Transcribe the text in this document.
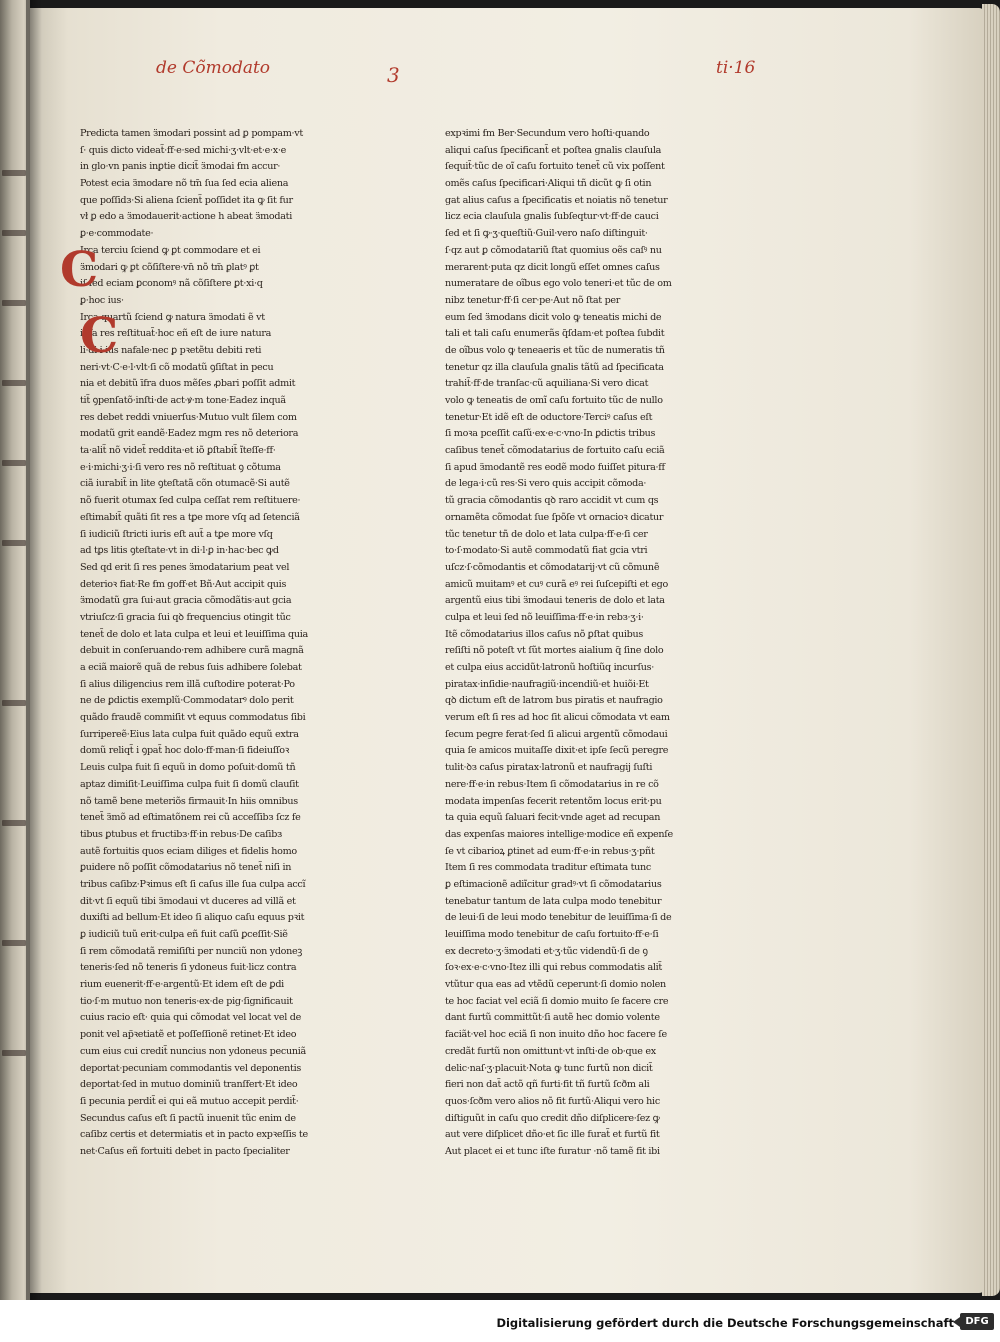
de Cõmodato	3	ti·16
Predicta tamen ӟmodari possint ad ꝑ pompam·vt
ſ· quis dicto videat̃·ff·e·sed michi·ӡ·vlt·et·e·x·e
in glo·vn panis inꝑtie dicit̃ ӟmodai ẜm accur·
Potest ecia ӟmodare nõ tm̃ ſua ſed ecia aliena
que poſſidз·Si aliena ſcient̃ poſſidet ita ꝙ ſit fur
vł ꝑ edo a ӟmodauerit·actione h abeat ӟmodati
ꝑ·e·commodate·
Irca terciu ſciend ꝙ ꝑt commodare et ei
ӟmodari ꝙ ꝑt cõſiſtere·vn̄ nõ tm̃ ꝑlatꝰ ꝑt
iſ ſed eciam ꝑconomꝰ nã cõſiſtere ꝑt·xi·q
ꝑ·hoc ius·
Irca quartũ ſciend ꝙ natura ӟmodati ẽ vt
ipſa res reſtituat̃·hoc eñ eſt de iure natura
li·di·i·ius nafale·nec ꝑ pꝛetẽtu debiti reti
neri·vt·C·e·l·vlt·ſi cõ modatũ ꝯſiſtat in pecu
nia et debitũ īfra duos mẽſes ꝓbari poſſit admit
tit̃ ꝯpenſatõ·inſti·de act·ꝟ·m tone·Eadez inquã
res debet reddi vniuerſus·Mutuo vult ſilem com
modatũ grit eandẽ·Eadez mgm res nõ deteriora
ta·alit̃ nõ videt̃ reddita·et iõ ꝑſtabit̃ ĩteſſe·ff·
e·i·michi·ӡ·i·ſi vero res nõ reſtituat ꝯ cõtuma
ciã iurabit̃ in lite ꝯteſtatã cõn otumacẽ·Si autẽ
nõ fuerit otumax ſed culpa ceſſat rem reſtituere·
eſtimabit̃ quãti ſit res a tꝑe more vſq ad ſetenciã
ſi iudiciũ ſtricti iuris eſt aut̃ a tꝑe more vſq
ad tꝑs litis ꝯteſtate·vt in di·l·ꝑ in·hac·bec ꝙd
Sed qd erit ſi res penes ӟmodatarium peat vel
deterioꝛ fiat·Re ẜm goff·et Bñ·Aut accipit quis
ӟmodatũ gra ſui·aut gracia cõmodãtis·aut gcia
vtriuſcz·ſi gracia ſui qꝺ frequencius otingit tũc
tenet̃ de dolo et lata culpa et leui et leuiſſima quia
debuit in conſeruando·rem adhibere curã magnã
a eciã maiorẽ quã de rebus ſuis adhibere ſolebat
ſi alius diligencius rem illã cuſtodire poterat·Po
ne de ꝑdictis exemplũ·Commodatarꝰ dolo perit
quãdo fraudẽ commiſit vt equus commodatus ſibi
ſurripereẽ·Eius lata culpa fuit quãdo equũ extra
domũ reliqt̃ i ꝯpat̃ hoc dolo·ff·man·ſi fideiuſſoꝛ
Leuis culpa fuit ſi equũ in domo poſuit·domũ tñ
aptaz dimiſit·Leuiſſima culpa fuit ſi domũ clauſit
nõ tamẽ bene meteriõs firmauit·In hiis omnibus
tenet̃ ӟmõ ad eſtimatõnem rei cũ acceſſibз ſcz fe
tibus ꝑtubus et fructibз·ff·in rebus·De caſibз
autẽ fortuitis quos eciam diliges et fidelis homo
ꝑuidere nõ poſſit cõmodatarius nõ tenet̃ niſi in
tribus caſibz·Pꝛimus eſt ſi caſus ille ſua culpa accĩ
dit·vt ſi equũ tibi ӟmodaui vt duceres ad villã et
duxiſti ad bellum·Et ideo ſi aliquo caſu equus pꝛit
ꝑ iudiciũ tuũ erit·culpa eñ fuit caſũ ꝑceſſit·Siẽ
ſi rem cõmodatã remiſiſti per nunciũ non ydoneꝫ
teneris·ſed nõ teneris ſi ydoneus fuit·licz contra
rium euenerit·ff·e·argentũ·Et idem eſt de ꝑdi
tio·ſ·m mutuo non teneris·ex·de pig·ſignificauit
cuius racio eſt· quia qui cõmodat vel locat vel de
ponit vel ap̃ꝛetiatẽ et poſſeſſionẽ retinet·Et ideo
cum eius cui credit̃ nuncius non ydoneus pecuniã
deportat·pecuniam commodantis vel deponentis
deportat·ſed in mutuo dominiũ tranſfert·Et ideo
ſi pecunia perdit̃ ei qui eã mutuo accepit perdit̃·
Secundus caſus eſt ſi pactũ inuenit tũc enim de
caſibz certis et determiatis et in pacto expꝛeſſis te
net·Caſus eñ fortuiti debet in pacto ſpecialiter
expꝛimi ẜm Ber·Secundum vero hoſti·quando
aliqui caſus ſpecificant̃ et poſtea gnalis clauſula
ſequit̃·tũc de oĩ caſu fortuito tenet̃ cũ vix poſſent
omẽs caſus ſpecificari·Aliqui tñ dicũt ꝙ ſi otin
gat alius caſus a ſpecificatis et noiatis nõ tenetur
licz ecia clauſula gnalis ſubſeqtur·vt·ff·de cauci
ſed et ſi ꝙ·ӡ·queſtiũ·Guil·vero naſo diſtinguit·
ſ·qz aut ꝑ cõmodatariũ ſtat quomius oẽs caſꝰ nu
merarent·puta qz dicit longũ eſſet omnes caſus
numeratare de oĩbus ego volo teneri·et tũc de om
nibz tenetur·ff·ſi cer·pe·Aut nõ ſtat per
eum ſed ӟmodans dicit volo ꝙ teneatis michi de
tali et tali caſu enumerãs q̃ſdam·et poſtea ſubdit
de oĩbus volo ꝙ teneaeris et tũc de numeratis tñ
tenetur qz illa clauſula gnalis tãtũ ad ſpecificata
trahit̃·ff·de tranſac·cũ aquiliana·Si vero dicat
volo ꝙ teneatis de omĩ caſu fortuito tũc de nullo
tenetur·Et idẽ eſt de oductore·Terciꝰ caſus eſt
ſi moꝛa pceſſit caſũ·ex·e·c·vno·In ꝑdictis tribus
caſibus tenet̃ cõmodatarius de fortuito caſu eciã
ſi apud ӟmodantẽ res eodẽ modo fuiſſet pitura·ff
de lega·i·cũ res·Si vero quis accipit cõmoda·
tũ gracia cõmodantis qꝺ raro accidit vt cum qs
ornamẽta cõmodat ſue ſpõſe vt ornacioꝛ dicatur
tũc tenetur tñ de dolo et lata culpa·ff·e·ſi cer
to·ſ·modato·Si autẽ commodatũ fiat gcia vtri
uſcz·ſ·cõmodantis et cõmodatarij·vt cũ cõmunẽ
amicũ muitamꝰ et cuꝰ curã eꝰ rei ſuſcepiſti et ego
argentũ eius tibi ӟmodaui teneris de dolo et lata
culpa et leui ſed nõ leuiſſima·ff·e·in rebз·ӡ·i·
Itẽ cõmodatarius illos caſus nõ ꝑſtat quibus
reſiſti nõ poteſt vt ſũt mortes aialium q̃ ſine dolo
et culpa eius accidũt·latronũ hoſtiũq incurſus·
piratax·inſidie·naufragiũ·incendiũ·et huiõi·Et
qꝺ dictum eſt de latrom bus piratis et naufragio
verum eſt ſi res ad hoc ſit alicui cõmodata vt eam
ſecum pegre ferat·ſed ſi alicui argentũ cõmodaui
quia ſe amicos muitaſſe dixit·et ipſe ſecũ peregre
tulit·ꝺз caſus piratax·latronũ et naufragij ſuſti
nere·ff·e·in rebus·Item ſi cõmodatarius in re cõ
modata impenſas fecerit retentõm locus erit·pu
ta quia equũ ſaluari fecit·vnde aget ad recupan
das expenſas maiores intellige·modice eñ expenſe
ſe vt cibarioꝝ ꝑtinet ad eum·ff·e·in rebus·ӡ·pñt
Item ſi res commodata traditur eſtimata tunc
ꝑ eſtimacionẽ adiĩcitur gradꝰ·vt ſi cõmodatarius
tenebatur tantum de lata culpa modo tenebitur
de leui·ſi de leui modo tenebitur de leuiſſima·ſi de
leuiſſima modo tenebitur de caſu fortuito·ff·e·ſi
ex decreto·ӡ·ӟmodati et·ӡ·tũc videndũ·ſi de ꝯ
ſoꝛ·ex·e·c·vno·Itez illi qui rebus commodatis alit̃
vtũtur qua eas ad vtẽdũ ceperunt·ſi domio nolen
te hoc faciat vel eciã ſi domio muito ſe facere cre
dant furtũ committũt·ſi autẽ hec domio volente
faciãt·vel hoc eciã ſi non inuito dño hoc facere ſe
credãt furtũ non omittunt·vt inſti·de ob·que ex
delic·naſ·ӡ·placuit·Nota ꝙ tunc furtũ non dicit̃
fieri non dat̃ actõ qñ furti·fit tñ furtũ ſcðm ali
quos·ſcðm vero alios nõ fit furtũ·Aliqui vero hic
diſtiguũt in caſu quo credit dño diſplicere·ſez ꝙ
aut vere diſplicet dño·et ſic ille furat̃ et furtũ fit
Aut placet ei et tunc iſte furatur ·nõ tamẽ fit ibi
C
C
Digitalisierung gefördert durch die Deutsche Forschungsgemeinschaft	DFG
